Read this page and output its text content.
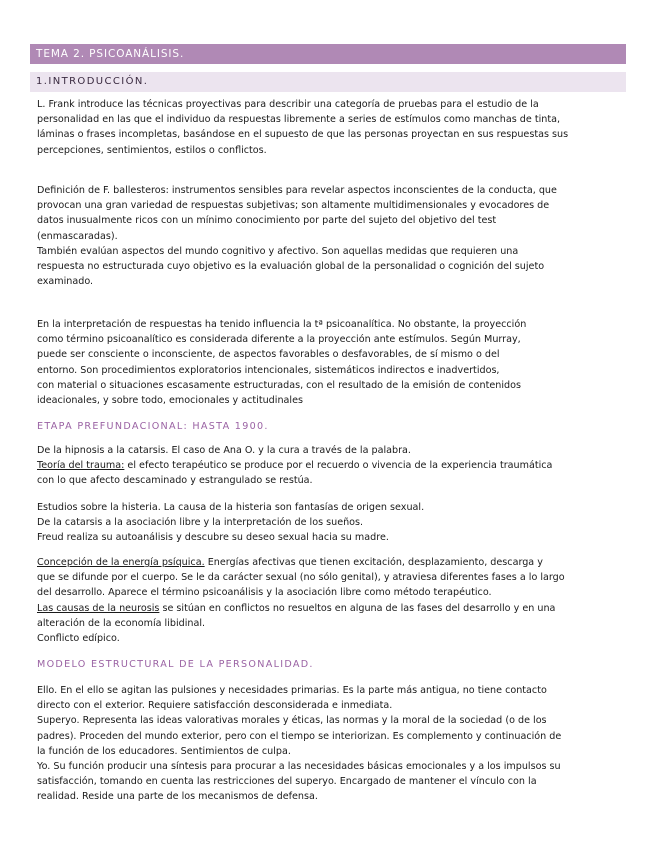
TEMA 2. PSICOANÁLISIS.
1.INTRODUCCIÓN.
L. Frank introduce las técnicas proyectivas para describir una categoría de pruebas para el estudio de la
personalidad en las que el individuo da respuestas libremente a series de estímulos como manchas de tinta,
láminas o frases incompletas, basándose en el supuesto de que las personas proyectan en sus respuestas sus
percepciones, sentimientos, estilos o conflictos.
Definición de F. ballesteros: instrumentos sensibles para revelar aspectos inconscientes de la conducta, que
provocan una gran variedad de respuestas subjetivas; son altamente multidimensionales y evocadores de
datos inusualmente ricos con un mínimo conocimiento por parte del sujeto del objetivo del test
(enmascaradas).
También evalúan aspectos del mundo cognitivo y afectivo. Son aquellas medidas que requieren una
respuesta no estructurada cuyo objetivo es la evaluación global de la personalidad o cognición del sujeto
examinado.
En la interpretación de respuestas ha tenido influencia la tª psicoanalítica. No obstante, la proyección
como término psicoanalítico es considerada diferente a la proyección ante estímulos. Según Murray,
puede ser consciente o inconsciente, de aspectos favorables o desfavorables, de sí mismo o del
entorno. Son procedimientos exploratorios intencionales, sistemáticos indirectos e inadvertidos,
con material o situaciones escasamente estructuradas, con el resultado de la emisión de contenidos
ideacionales, y sobre todo, emocionales y actitudinales
ETAPA PREFUNDACIONAL: HASTA 1900.
De la hipnosis a la catarsis. El caso de Ana O. y la cura a través de la palabra.
Teoría del trauma: el efecto terapéutico se produce por el recuerdo o vivencia de la experiencia traumática
con lo que afecto descaminado y estrangulado se restúa.
Estudios sobre la histeria. La causa de la histeria son fantasías de origen sexual.
De la catarsis a la asociación libre y la interpretación de los sueños.
Freud realiza su autoanálisis y descubre su deseo sexual hacia su madre.
Concepción de la energía psíquica. Energías afectivas que tienen excitación, desplazamiento, descarga y
que se difunde por el cuerpo. Se le da carácter sexual (no sólo genital), y atraviesa diferentes fases a lo largo
del desarrollo. Aparece el término psicoanálisis y la asociación libre como método terapéutico.
Las causas de la neurosis se sitúan en conflictos no resueltos en alguna de las fases del desarrollo y en una
alteración de la economía libidinal.
Conflicto edípico.
MODELO ESTRUCTURAL DE LA PERSONALIDAD.
Ello. En el ello se agitan las pulsiones y necesidades primarias. Es la parte más antigua, no tiene contacto
directo con el exterior. Requiere satisfacción desconsiderada e inmediata.
Superyo. Representa las ideas valorativas morales y éticas, las normas y la moral de la sociedad (o de los
padres). Proceden del mundo exterior, pero con el tiempo se interiorizan. Es complemento y continuación de
la función de los educadores. Sentimientos de culpa.
Yo. Su función producir una síntesis para procurar a las necesidades básicas emocionales y a los impulsos su
satisfacción, tomando en cuenta las restricciones del superyo. Encargado de mantener el vínculo con la
realidad. Reside una parte de los mecanismos de defensa.
